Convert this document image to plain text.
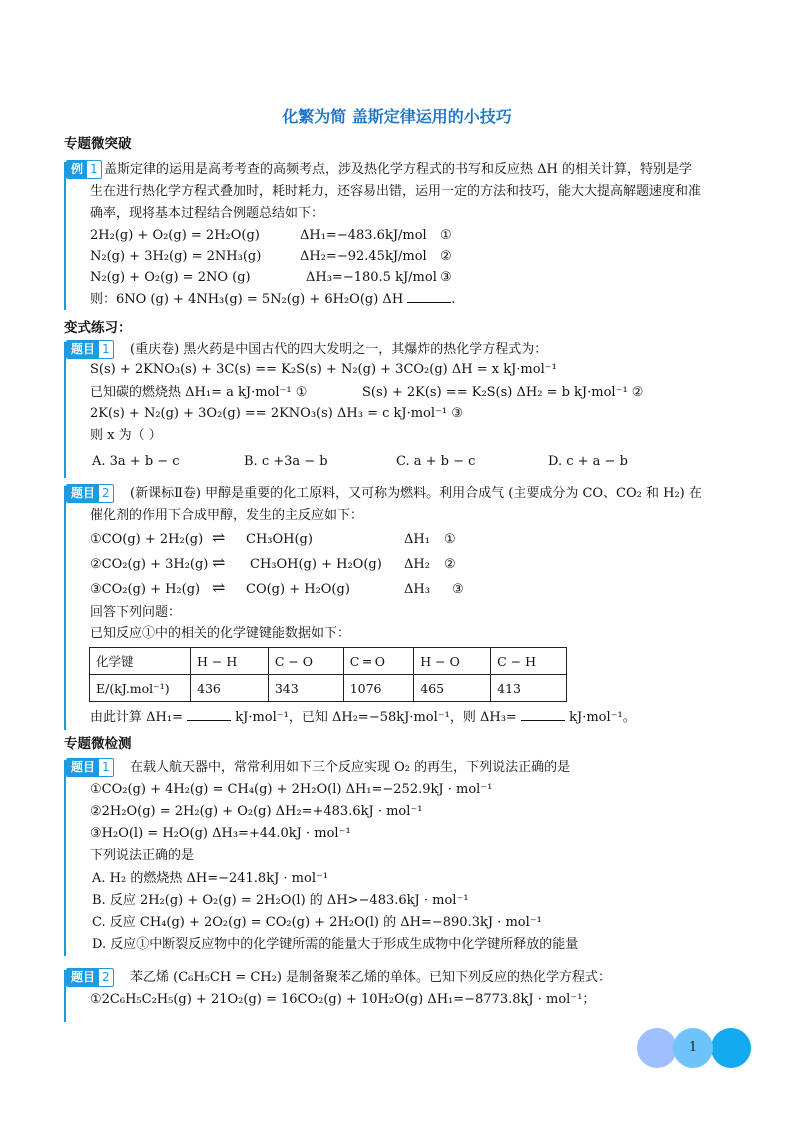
化繁为简 盖斯定律运用的小技巧
专题微突破
例 1 盖斯定律的运用是高考考查的高频考点，涉及热化学方程式的书写和反应热 ΔH 的相关计算，特别是学
生在进行热化学方程式叠加时，耗时耗力，还容易出错，运用一定的方法和技巧，能大大提高解题速度和准
确率，现将基本过程结合例题总结如下：
2H₂(g) + O₂(g) = 2H₂O(g)	ΔH₁=−483.6kJ/mol ①
N₂(g) + 3H₂(g) = 2NH₃(g)	ΔH₂=−92.45kJ/mol ②
N₂(g) + O₂(g) = 2NO (g)	ΔH₃=−180.5 kJ/mol ③
则：6NO (g) + 4NH₃(g) = 5N₂(g) + 6H₂O(g) ΔH	.
变式练习：
题目 1	(重庆卷) 黑火药是中国古代的四大发明之一，其爆炸的热化学方程式为：
S(s) + 2KNO₃(s) + 3C(s) == K₂S(s) + N₂(g) + 3CO₂(g) ΔH = x kJ·mol⁻¹
已知碳的燃烧热 ΔH₁= a kJ·mol⁻¹ ①	S(s) + 2K(s) == K₂S(s) ΔH₂ = b kJ·mol⁻¹ ②
2K(s) + N₂(g) + 3O₂(g) == 2KNO₃(s) ΔH₃ = c kJ·mol⁻¹ ③
则 x 为（ ）
A. 3a + b − c	B. c +3a − b	C. a + b − c	D. c + a − b
题目 2	(新课标Ⅱ卷) 甲醇是重要的化工原料，又可称为燃料。利用合成气 (主要成分为 CO、CO₂ 和 H₂) 在
催化剂的作用下合成甲醇，发生的主反应如下：
①CO(g) + 2H₂(g) ⇌ CH₃OH(g)	ΔH₁ ①
②CO₂(g) + 3H₂(g) ⇌ CH₃OH(g) + H₂O(g) ΔH₂ ②
③CO₂(g) + H₂(g) ⇌ CO(g) + H₂O(g)	ΔH₃ ③
回答下列问题：
已知反应①中的相关的化学键键能数据如下：
化学键	H − H	C − O	C ═ O	H − O	C − H
E/(kJ.mol⁻¹)	436	343	1076	465	413
由此计算 ΔH₁=	kJ·mol⁻¹，已知 ΔH₂=−58kJ·mol⁻¹，则 ΔH₃=	kJ·mol⁻¹。
专题微检测
题目 1	在载人航天器中，常常利用如下三个反应实现 O₂ 的再生，下列说法正确的是
①CO₂(g) + 4H₂(g) = CH₄(g) + 2H₂O(l) ΔH₁=−252.9kJ · mol⁻¹
②2H₂O(g) = 2H₂(g) + O₂(g) ΔH₂=+483.6kJ · mol⁻¹
③H₂O(l) = H₂O(g) ΔH₃=+44.0kJ · mol⁻¹
下列说法正确的是
A. H₂ 的燃烧热 ΔH=−241.8kJ · mol⁻¹
B. 反应 2H₂(g) + O₂(g) = 2H₂O(l) 的 ΔH>−483.6kJ · mol⁻¹
C. 反应 CH₄(g) + 2O₂(g) = CO₂(g) + 2H₂O(l) 的 ΔH=−890.3kJ · mol⁻¹
D. 反应①中断裂反应物中的化学键所需的能量大于形成生成物中化学键所释放的能量
题目 2	苯乙烯 (C₆H₅CH = CH₂) 是制备聚苯乙烯的单体。已知下列反应的热化学方程式：
①2C₆H₅C₂H₅(g) + 21O₂(g) = 16CO₂(g) + 10H₂O(g) ΔH₁=−8773.8kJ · mol⁻¹；
1
